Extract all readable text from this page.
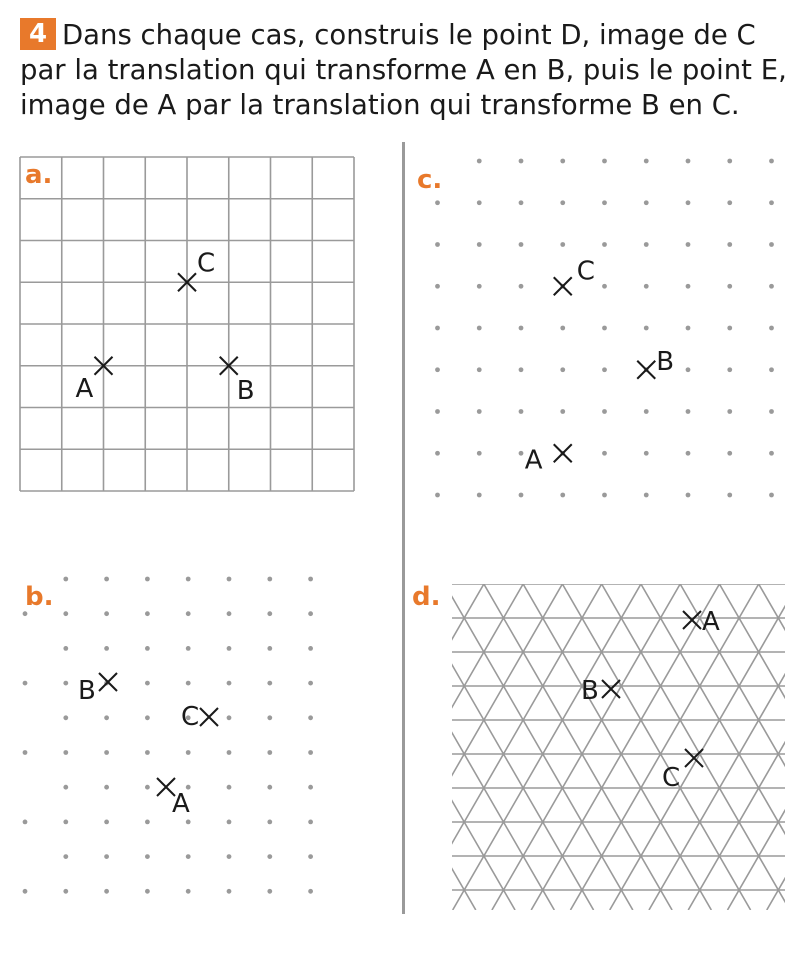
4 Dans chaque cas, construis le point D, image de C par la translation qui transforme A en B, puis le point E, image de A par la translation qui transforme B en C.
A	B
C
a.
A
B
C
c.
A
B
C
b.
A
B
C
d.
